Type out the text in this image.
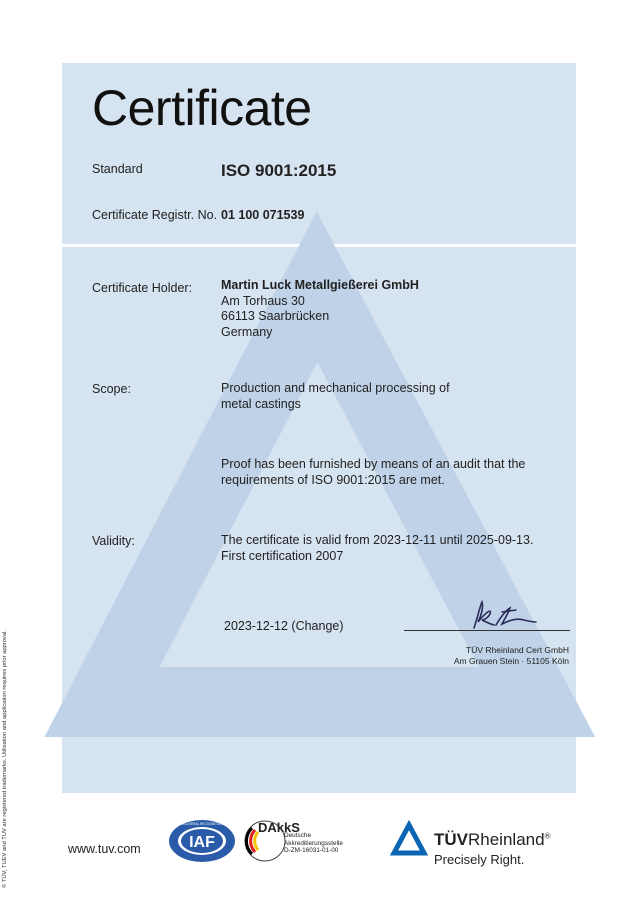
Certificate
Standard	ISO 9001:2015
Certificate Registr. No. 01 100 071539
Certificate Holder: Martin Luck Metallgießerei GmbH
Am Torhaus 30
66113 Saarbrücken
Germany
Scope:	Production and mechanical processing of
metal castings
Proof has been furnished by means of an audit that the
requirements of ISO 9001:2015 are met.
Validity:	The certificate is valid from 2023-12-11 until 2025-09-13.
First certification 2007
2023-12-12 (Change)
TÜV Rheinland Cert GmbH
Am Grauen Stein · 51105 Köln
© TÜV, TUEV and TUV are registered trademarks. Utilisation and application requires prior approval.	www.tuv.com	IAF
MEMBER OF MULTILATERAL RECOGNITION ARRANGEMENT DAkkS
Deutsche
Akkreditierungsstelle
D-ZM-16031-01-00
TÜVRheinland®
Precisely Right.
